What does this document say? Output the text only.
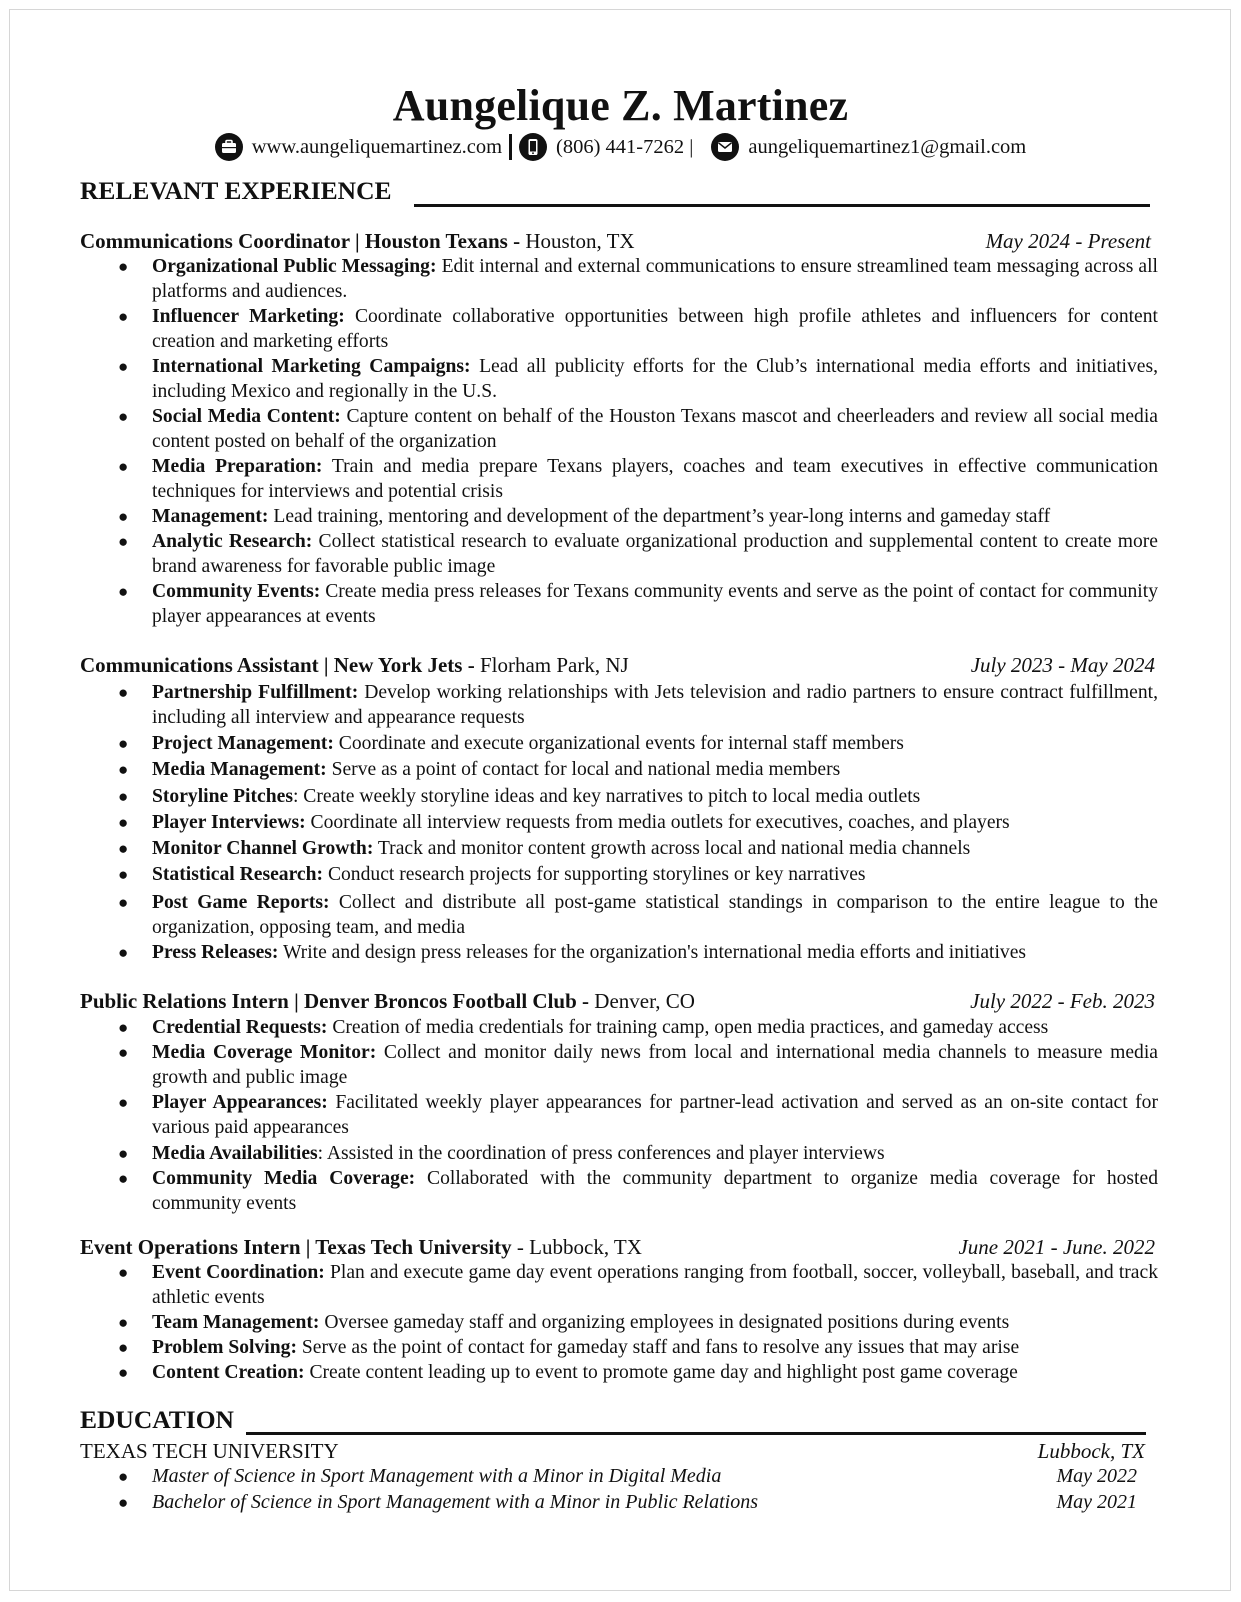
Aungelique Z. Martinez
www.aungeliquemartinez.com	(806) 441-7262 |	aungeliquemartinez1@gmail.com
RELEVANT EXPERIENCE
Communications Coordinator | Houston Texans - Houston, TX	May 2024 - Present
●	Organizational Public Messaging: Edit internal and external communications to ensure streamlined team messaging across all platforms and audiences.
●	Influencer Marketing: Coordinate collaborative opportunities between high profile athletes and influencers for content creation and marketing efforts
●	International Marketing Campaigns: Lead all publicity efforts for the Club’s international media efforts and initiatives, including Mexico and regionally in the U.S.
●	Social Media Content: Capture content on behalf of the Houston Texans mascot and cheerleaders and review all social media content posted on behalf of the organization
●	Media Preparation: Train and media prepare Texans players, coaches and team executives in effective communication techniques for interviews and potential crisis
●	Management: Lead training, mentoring and development of the department’s year-long interns and gameday staff
●	Analytic Research: Collect statistical research to evaluate organizational production and supplemental content to create more brand awareness for favorable public image
●	Community Events: Create media press releases for Texans community events and serve as the point of contact for community player appearances at events
Communications Assistant | New York Jets - Florham Park, NJ	July 2023 - May 2024
●	Partnership Fulfillment: Develop working relationships with Jets television and radio partners to ensure contract fulfillment, including all interview and appearance requests
●	Project Management: Coordinate and execute organizational events for internal staff members
●	Media Management: Serve as a point of contact for local and national media members
●	Storyline Pitches: Create weekly storyline ideas and key narratives to pitch to local media outlets
●	Player Interviews: Coordinate all interview requests from media outlets for executives, coaches, and players
●	Monitor Channel Growth: Track and monitor content growth across local and national media channels
●	Statistical Research: Conduct research projects for supporting storylines or key narratives
●	Post Game Reports: Collect and distribute all post-game statistical standings in comparison to the entire league to the organization, opposing team, and media
●	Press Releases: Write and design press releases for the organization's international media efforts and initiatives
Public Relations Intern | Denver Broncos Football Club - Denver, CO	July 2022 - Feb. 2023
●	Credential Requests: Creation of media credentials for training camp, open media practices, and gameday access
●	Media Coverage Monitor: Collect and monitor daily news from local and international media channels to measure media growth and public image
●	Player Appearances: Facilitated weekly player appearances for partner-lead activation and served as an on-site contact for various paid appearances
●	Media Availabilities: Assisted in the coordination of press conferences and player interviews
●	Community Media Coverage: Collaborated with the community department to organize media coverage for hosted community events
Event Operations Intern | Texas Tech University - Lubbock, TX	June 2021 - June. 2022
●	Event Coordination: Plan and execute game day event operations ranging from football, soccer, volleyball, baseball, and track athletic events
●	Team Management: Oversee gameday staff and organizing employees in designated positions during events
●	Problem Solving: Serve as the point of contact for gameday staff and fans to resolve any issues that may arise
●	Content Creation: Create content leading up to event to promote game day and highlight post game coverage
EDUCATION
TEXAS TECH UNIVERSITY	Lubbock, TX
● Master of Science in Sport Management with a Minor in Digital Media	May 2022
● Bachelor of Science in Sport Management with a Minor in Public Relations	May 2021
